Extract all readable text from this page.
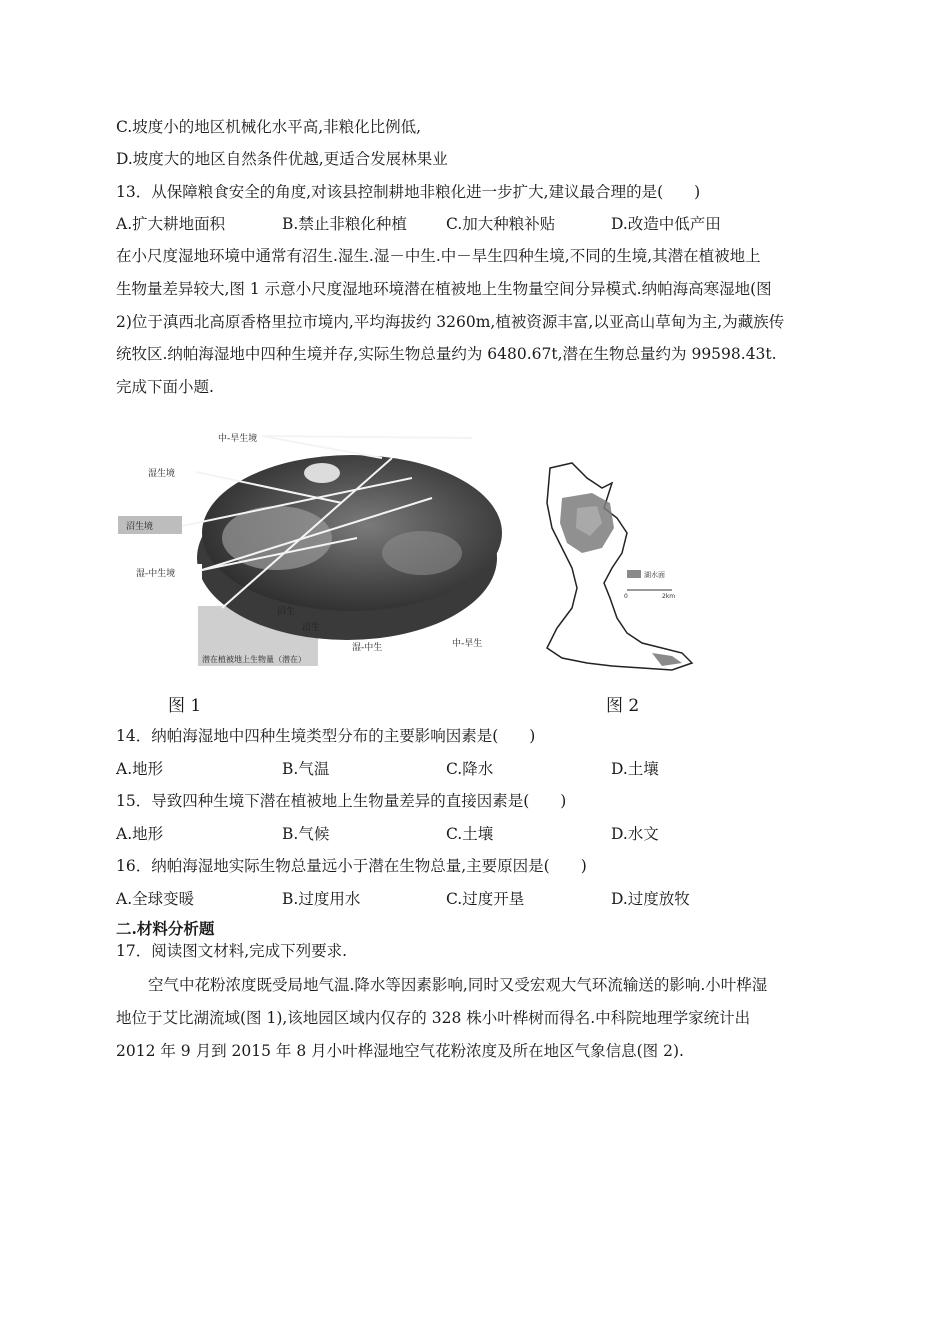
C.坡度小的地区机械化水平高,非粮化比例低,
D.坡度大的地区自然条件优越,更适合发展林果业
13．从保障粮食安全的角度,对该县控制耕地非粮化进一步扩大,建议最合理的是(　　)
A.扩大耕地面积	B.禁止非粮化种植	C.加大种粮补贴	D.改造中低产田
在小尺度湿地环境中通常有沼生.湿生.湿－中生.中－旱生四种生境,不同的生境,其潜在植被地上
生物量差异较大,图 1 示意小尺度湿地环境潜在植被地上生物量空间分异模式.纳帕海高寒湿地(图
2)位于滇西北高原香格里拉市境内,平均海拔约 3260m,植被资源丰富,以亚高山草甸为主,为藏族传
统牧区.纳帕海湿地中四种生境并存,实际生物总量约为 6480.67t,潜在生物总量约为 99598.43t.
完成下面小题.
中-旱生境
湿生境
沼生境
湿-中生境
沼生
沼生
湿-中生	中-旱生
潜在植被地上生物量（潜在）
湖水面
0	2km
图 1	图 2
14．纳帕海湿地中四种生境类型分布的主要影响因素是(　　)
A.地形	B.气温	C.降水	D.土壤
15．导致四种生境下潜在植被地上生物量差异的直接因素是(　　)
A.地形	B.气候	C.土壤	D.水文
16．纳帕海湿地实际生物总量远小于潜在生物总量,主要原因是(　　)
A.全球变暖	B.过度用水	C.过度开垦	D.过度放牧
二.材料分析题
17．阅读图文材料,完成下列要求.
空气中花粉浓度既受局地气温.降水等因素影响,同时又受宏观大气环流输送的影响.小叶桦湿
地位于艾比湖流域(图 1),该地园区域内仅存的 328 株小叶桦树而得名.中科院地理学家统计出
2012 年 9 月到 2015 年 8 月小叶桦湿地空气花粉浓度及所在地区气象信息(图 2).
